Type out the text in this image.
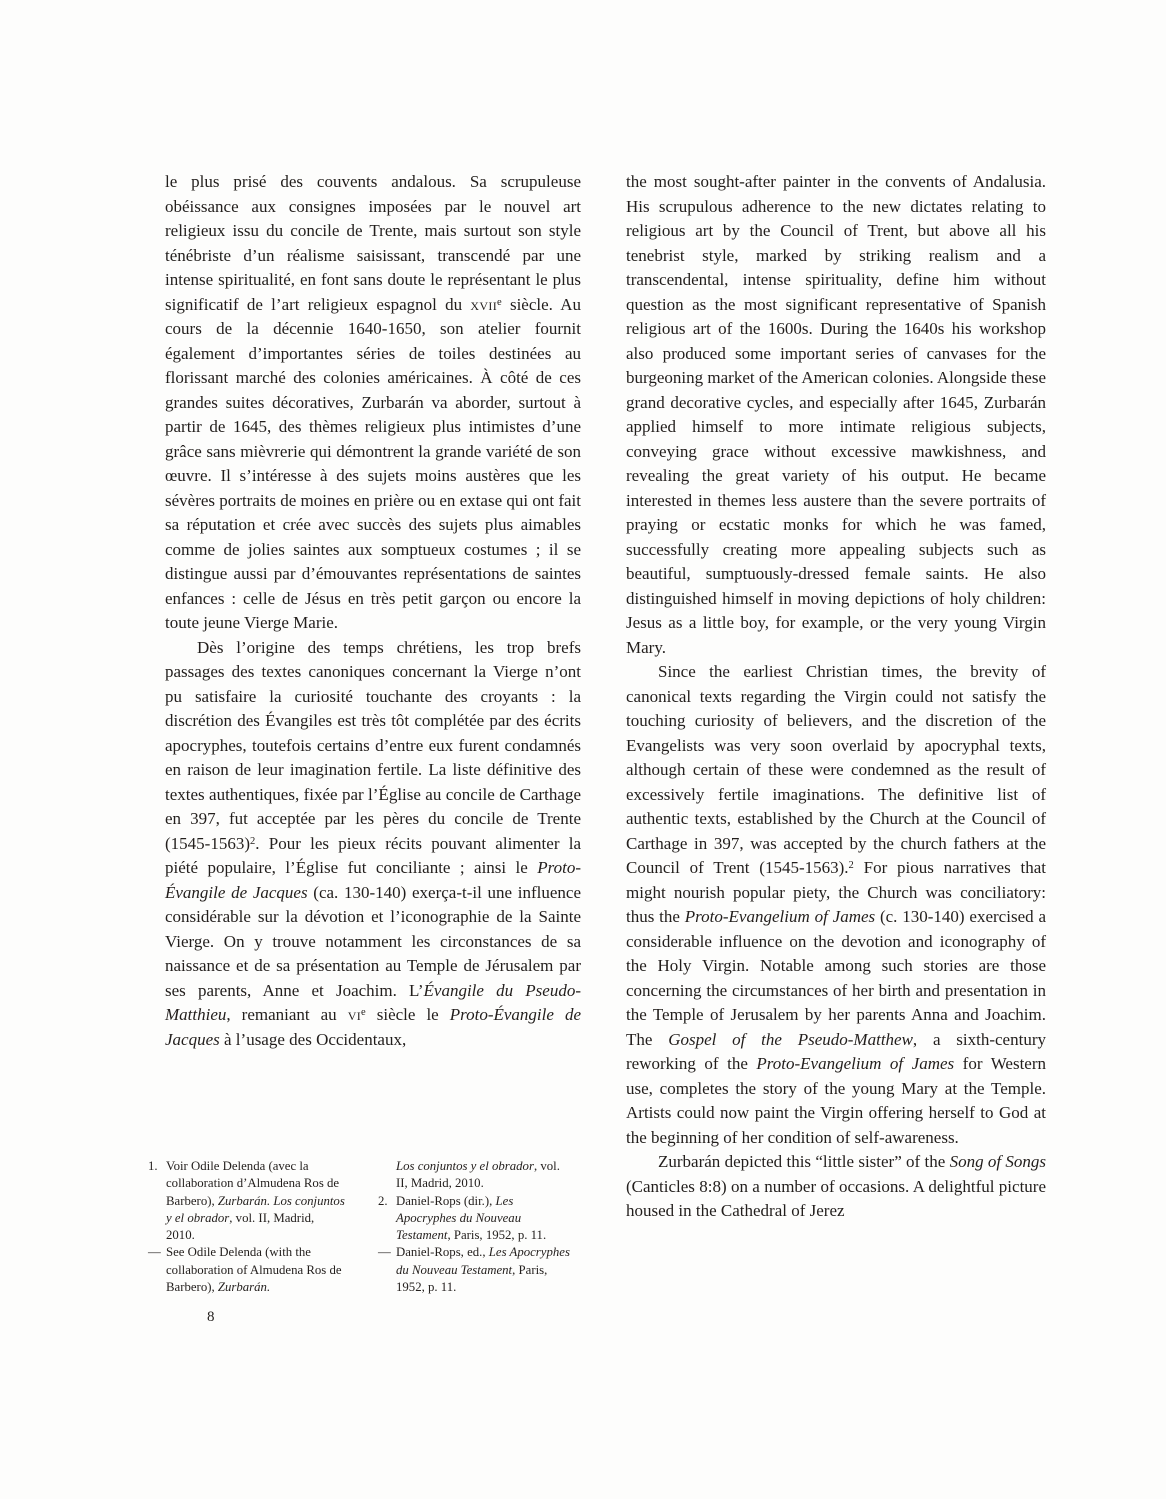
le plus prisé des couvents andalous. Sa scrupuleuse obéissance aux consignes imposées par le nouvel art religieux issu du concile de Trente, mais surtout son style ténébriste d’un réalisme saisissant, transcendé par une intense spiritualité, en font sans doute le représentant le plus significatif de l’art religieux espagnol du xvii$^e$ siècle. Au cours de la décennie 1640-1650, son atelier fournit également d’importantes séries de toiles destinées au florissant marché des colonies américaines. À côté de ces grandes suites décoratives, Zurbarán va aborder, surtout à partir de 1645, des thèmes religieux plus intimistes d’une grâce sans mièvrerie qui démontrent la grande variété de son œuvre. Il s’intéresse à des sujets moins austères que les sévères portraits de moines en prière ou en extase qui ont fait sa réputation et crée avec succès des sujets plus aimables comme de jolies saintes aux somptueux costumes ; il se distingue aussi par d’émouvantes représentations de saintes enfances : celle de Jésus en très petit garçon ou encore la toute jeune Vierge Marie.

Dès l’origine des temps chrétiens, les trop brefs passages des textes canoniques concernant la Vierge n’ont pu satisfaire la curiosité touchante des croyants : la discrétion des Évangiles est très tôt complétée par des écrits apocryphes, toutefois certains d’entre eux furent condamnés en raison de leur imagination fertile. La liste définitive des textes authentiques, fixée par l’Église au concile de Carthage en 397, fut acceptée par les pères du concile de Trente (1545-1563)$^2$. Pour les pieux récits pouvant alimenter la piété populaire, l’Église fut conciliante ; ainsi le Proto-Évangile de Jacques (ca. 130-140) exerça-t-il une influence considérable sur la dévotion et l’iconographie de la Sainte Vierge. On y trouve notamment les circonstances de sa naissance et de sa présentation au Temple de Jérusalem par ses parents, Anne et Joachim. L’Évangile du Pseudo-Matthieu, remaniant au $vi^e$ siècle le Proto-Évangile de Jacques à l’usage des Occidentaux,

the most sought-after painter in the convents of Andalusia. His scrupulous adherence to the new dictates relating to religious art by the Council of Trent, but above all his tenebrist style, marked by striking realism and a transcendental, intense spirituality, define him without question as the most significant representative of Spanish religious art of the 1600s. During the 1640s his workshop also produced some important series of canvases for the burgeoning market of the American colonies. Alongside these grand decorative cycles, and especially after 1645, Zurbarán applied himself to more intimate religious subjects, conveying grace without excessive mawkishness, and revealing the great variety of his output. He became interested in themes less austere than the severe portraits of praying or ecstatic monks for which he was famed, successfully creating more appealing subjects such as beautiful, sumptuously-dressed female saints. He also distinguished himself in moving depictions of holy children: Jesus as a little boy, for example, or the very young Virgin Mary.

Since the earliest Christian times, the brevity of canonical texts regarding the Virgin could not satisfy the touching curiosity of believers, and the discretion of the Evangelists was very soon overlaid by apocryphal texts, although certain of these were condemned as the result of excessively fertile imaginations. The definitive list of authentic texts, established by the Church at the Council of Carthage in 397, was accepted by the church fathers at the Council of Trent (1545-1563).$^2$ For pious narratives that might nourish popular piety, the Church was conciliatory: thus the Proto-Evangelium of James (c. 130-140) exercised a considerable influence on the devotion and iconography of the Holy Virgin. Notable among such stories are those concerning the circumstances of her birth and presentation in the Temple of Jerusalem by her parents Anna and Joachim. The Gospel of the Pseudo-Matthew, a sixth-century reworking of the Proto-Evangelium of James for Western use, completes the story of the young Mary at the Temple. Artists could now paint the Virgin offering herself to God at the beginning of her condition of self-awareness.

Zurbarán depicted this “little sister” of the Song of Songs (Canticles 8:8) on a number of occasions. A delightful picture housed in the Cathedral of Jerez

1. Voir Odile Delenda (avec la collaboration d’Almudena Ros de Barbero), Zurbarán. Los conjuntos y el obrador, vol. II, Madrid, 2010.
— See Odile Delenda (with the collaboration of Almudena Ros de Barbero), Zurbarán.
Los conjuntos y el obrador, vol. II, Madrid, 2010.
2. Daniel-Rops (dir.), Les Apocryphes du Nouveau Testament, Paris, 1952, p. 11.
— Daniel-Rops, ed., Les Apocryphes du Nouveau Testament, Paris, 1952, p. 11.
8
